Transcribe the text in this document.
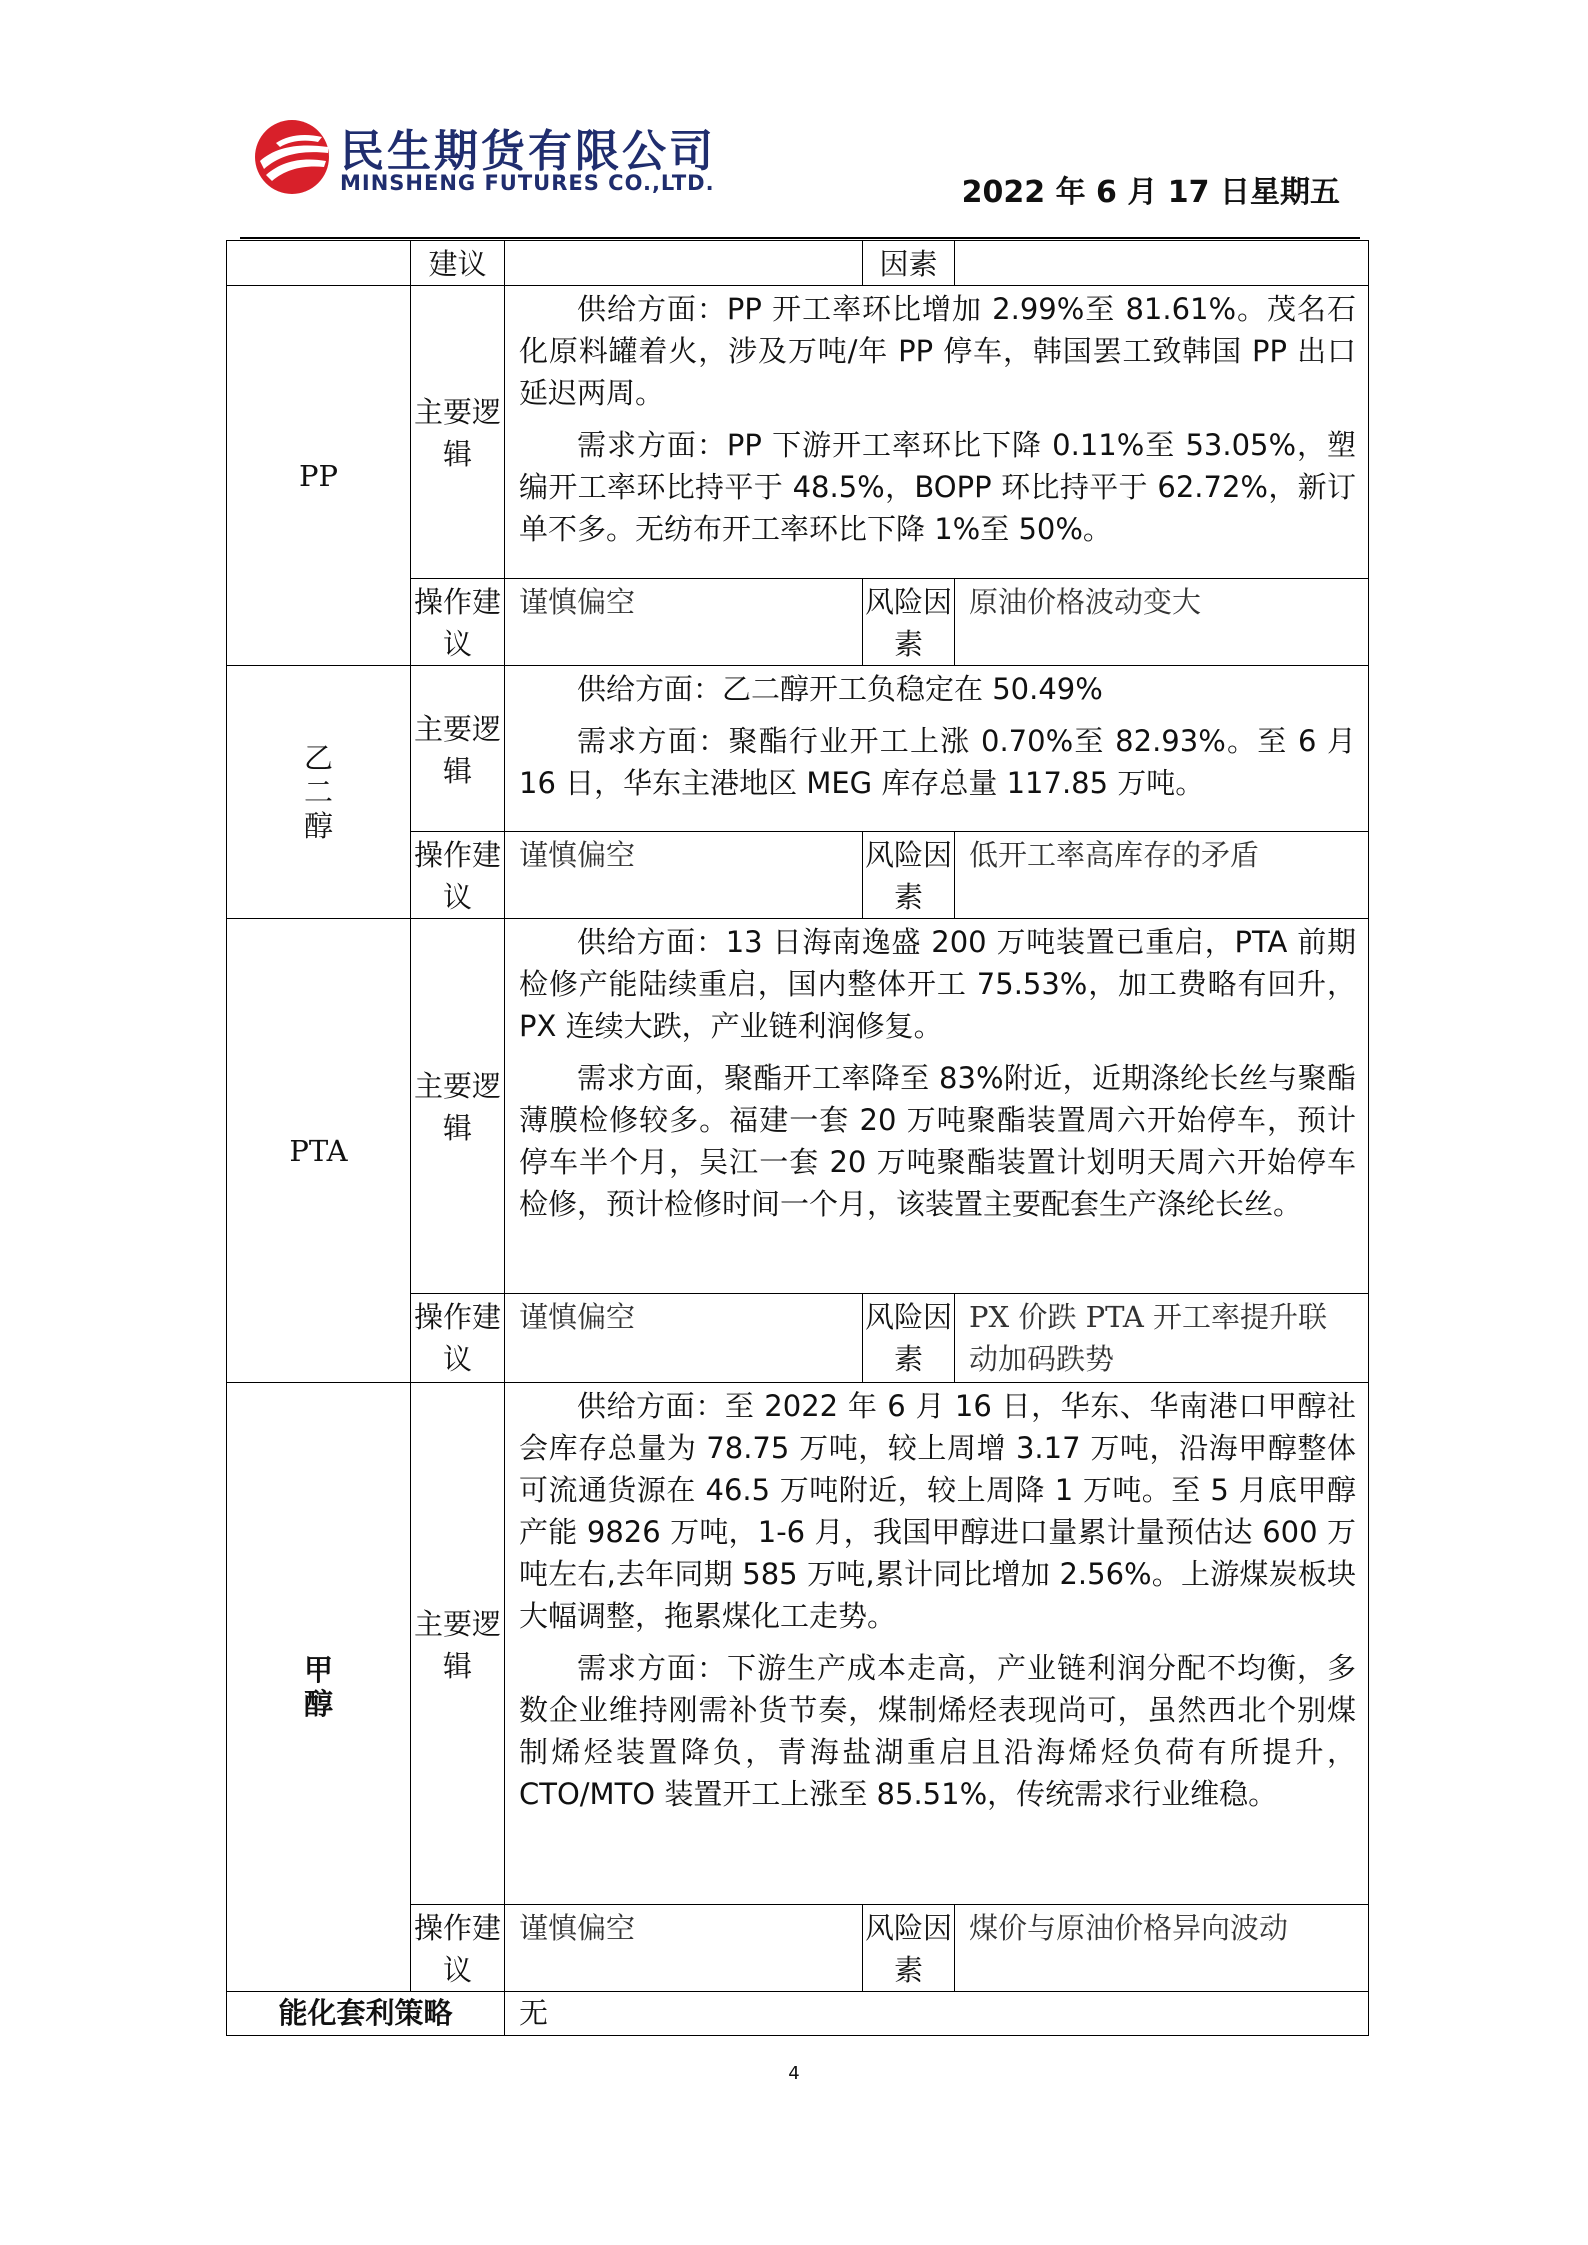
民生期货有限公司
MINSHENG FUTURES CO.,LTD.	2022 年 6 月 17 日星期五
	建议		因素	
PP	主要逻辑	供给方面：PP 开工率环比增加 2.99%至 81.61%。茂名石化原料罐着火，涉及万吨/年 PP 停车，韩国罢工致韩国 PP 出口延迟两周。

需求方面：PP 下游开工率环比下降 0.11%至 53.05%，塑编开工率环比持平于 48.5%，BOPP 环比持平于 62.72%，新订单不多。无纺布开工率环比下降 1%至 50%。		

	操作建议	谨慎偏空	风险因素	原油价格波动变大

乙二醇	主要逻辑	供给方面：乙二醇开工负稳定在 50.49%

需求方面：聚酯行业开工上涨 0.70%至 82.93%。至 6 月 16 日，华东主港地区 MEG 库存总量 117.85 万吨。		

	操作建议	谨慎偏空	风险因素	低开工率高库存的矛盾
PTA	主要逻辑	供给方面：13 日海南逸盛 200 万吨装置已重启，PTA 前期检修产能陆续重启，国内整体开工 75.53%，加工费略有回升，PX 连续大跌，产业链利润修复。

需求方面，聚酯开工率降至 83%附近，近期涤纶长丝与聚酯薄膜检修较多。福建一套 20 万吨聚酯装置周六开始停车，预计停车半个月，吴江一套 20 万吨聚酯装置计划明天周六开始停车检修，预计检修时间一个月，该装置主要配套生产涤纶长丝。		

	操作建议	谨慎偏空	风险因素	PX 价跌 PTA 开工率提升联动加码跌势

甲醇	主要逻辑	供给方面：至 2022 年 6 月 16 日，华东、华南港口甲醇社会库存总量为 78.75 万吨，较上周增 3.17 万吨，沿海甲醇整体可流通货源在 46.5 万吨附近，较上周降 1 万吨。至 5 月底甲醇产能 9826 万吨，1-6 月，我国甲醇进口量累计量预估达 600 万吨左右,去年同期 585 万吨,累计同比增加 2.56%。上游煤炭板块大幅调整，拖累煤化工走势。

需求方面：下游生产成本走高，产业链利润分配不均衡，多数企业维持刚需补货节奏，煤制烯烃表现尚可，虽然西北个别煤制烯烃装置降负，青海盐湖重启且沿海烯烃负荷有所提升，CTO/MTO 装置开工上涨至 85.51%，传统需求行业维稳。		

	操作建议	谨慎偏空	风险因素	煤价与原油价格异向波动
能化套利策略		无		
4
